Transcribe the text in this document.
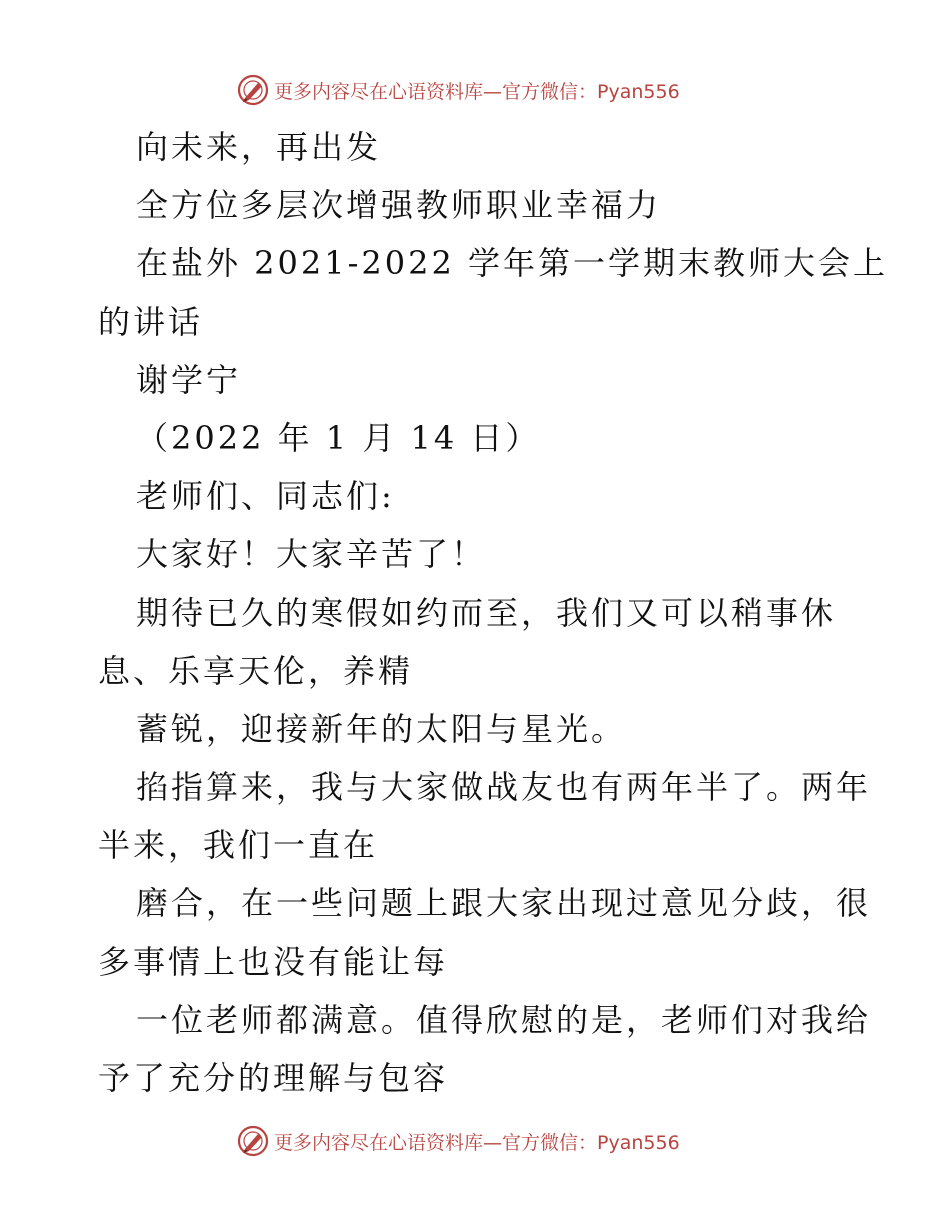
更多内容尽在心语资料库—官方微信：Pyan556
向未来，再出发
全方位多层次增强教师职业幸福力
在盐外 2021-2022 学年第一学期末教师大会上
的讲话
谢学宁
（2022 年 1 月 14 日）
老师们、同志们:
大家好！大家辛苦了！
期待已久的寒假如约而至，我们又可以稍事休
息、乐享天伦，养精
蓄锐，迎接新年的太阳与星光。
掐指算来，我与大家做战友也有两年半了。两年
半来，我们一直在
磨合，在一些问题上跟大家出现过意见分歧，很
多事情上也没有能让每
一位老师都满意。值得欣慰的是，老师们对我给
予了充分的理解与包容
更多内容尽在心语资料库—官方微信：Pyan556
